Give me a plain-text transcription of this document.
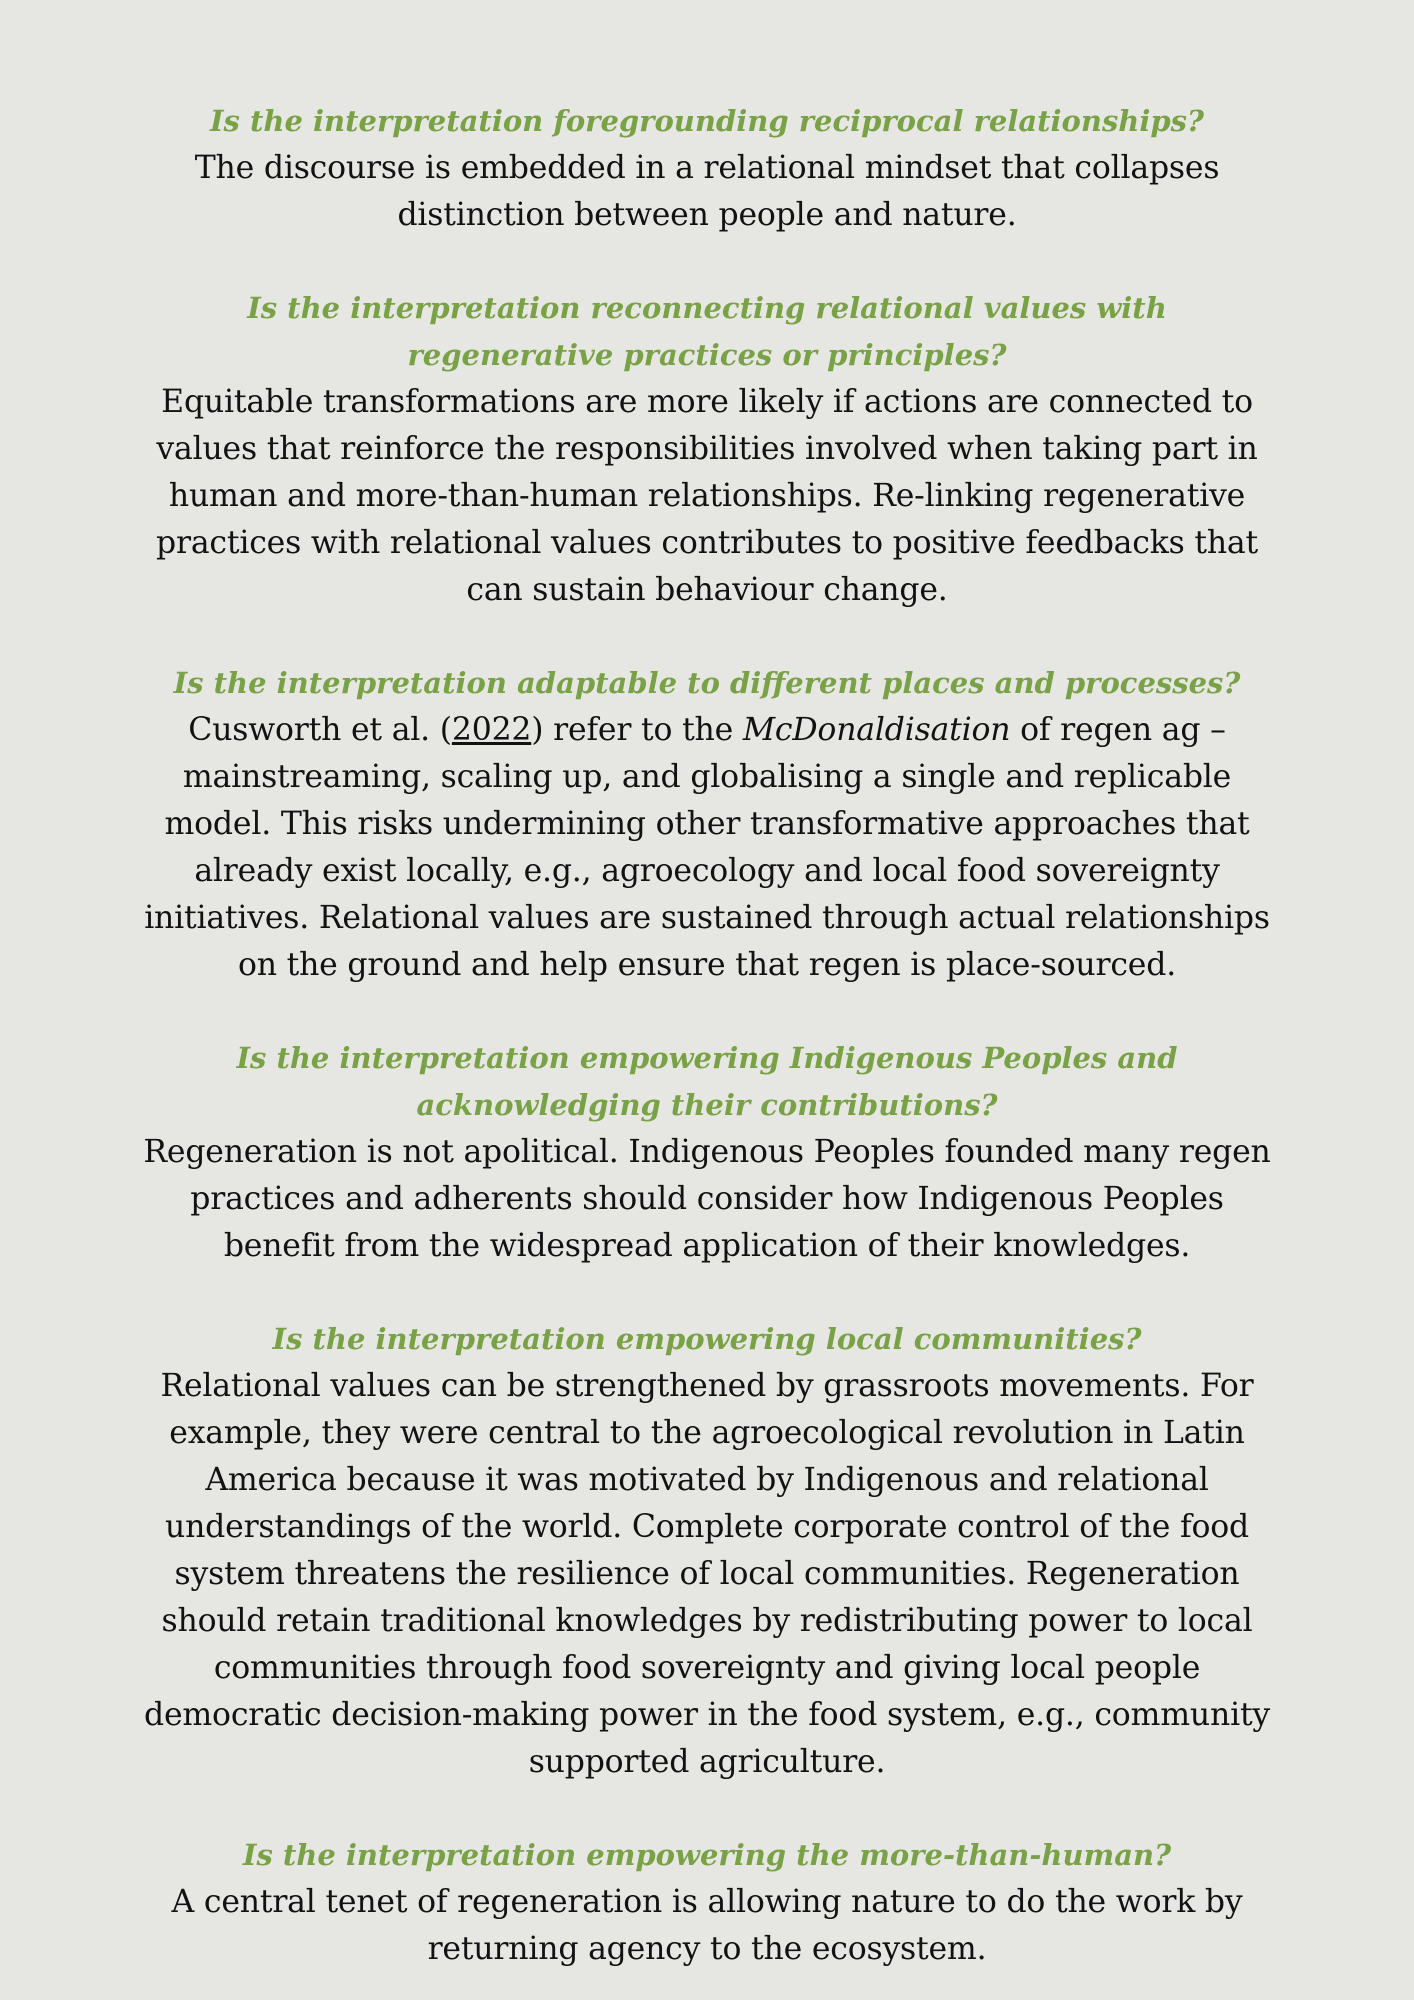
Is the interpretation foregrounding reciprocal relationships?

The discourse is embedded in a relational mindset that collapses distinction between people and nature.

Is the interpretation reconnecting relational values with regenerative practices or principles?

Equitable transformations are more likely if actions are connected to values that reinforce the responsibilities involved when taking part in human and more-than-human relationships. Re-linking regenerative practices with relational values contributes to positive feedbacks that can sustain behaviour change.

Is the interpretation adaptable to different places and processes?

Cusworth et al. (2022) refer to the McDonaldisation of regen ag – mainstreaming, scaling up, and globalising a single and replicable model. This risks undermining other transformative approaches that already exist locally, e.g., agroecology and local food sovereignty initiatives. Relational values are sustained through actual relationships on the ground and help ensure that regen is place-sourced.

Is the interpretation empowering Indigenous Peoples and acknowledging their contributions?

Regeneration is not apolitical. Indigenous Peoples founded many regen practices and adherents should consider how Indigenous Peoples benefit from the widespread application of their knowledges.

Is the interpretation empowering local communities?

Relational values can be strengthened by grassroots movements. For example, they were central to the agroecological revolution in Latin America because it was motivated by Indigenous and relational understandings of the world. Complete corporate control of the food system threatens the resilience of local communities. Regeneration should retain traditional knowledges by redistributing power to local communities through food sovereignty and giving local people democratic decision-making power in the food system, e.g., community supported agriculture.

Is the interpretation empowering the more-than-human?

A central tenet of regeneration is allowing nature to do the work by returning agency to the ecosystem.
